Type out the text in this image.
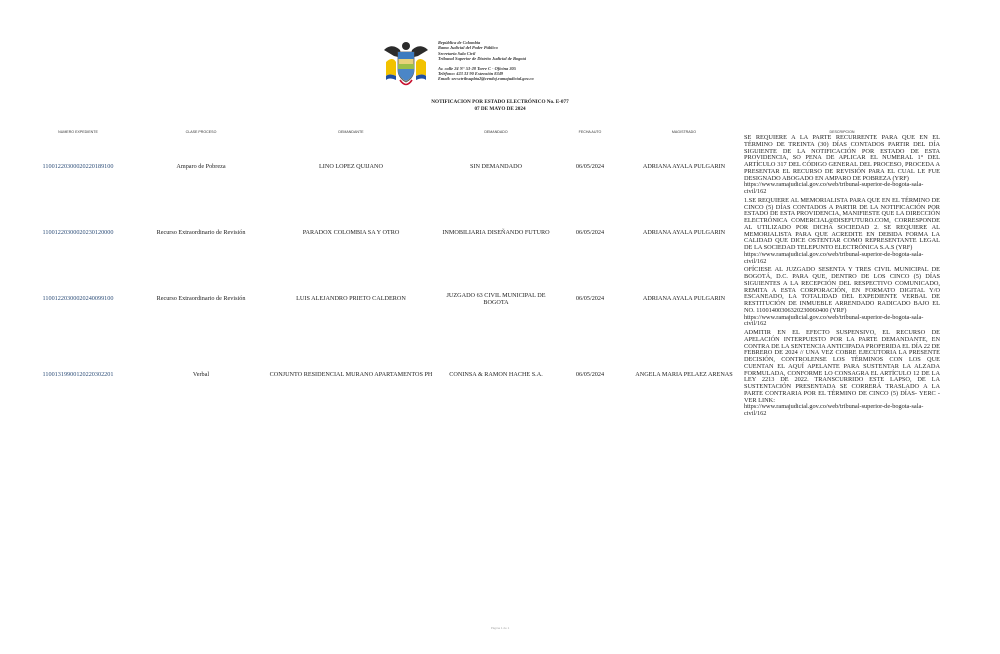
República de Colombia
Rama Judicial del Poder Público
Secretaría Sala Civil
Tribunal Superior de Distrito Judicial de Bogotá
Av. calle 24 N° 53-28 Torre C - Oficina 305
Teléfono: 423 33 90 Extensión 8349
Email: secsctribsupbta2@cendoj.ramajudicial.gov.co
NOTIFICACION POR ESTADO ELECTRÓNICO No. E-077
07 DE MAYO DE 2024
NUMERO EXPEDIENTE	CLASE PROCESO	DEMANDANTE	DEMANDADO	FECHA AUTO	MAGISTRADO	DESCRIPCION
11001220300020220189100	Amparo de Pobreza	LINO LOPEZ QUIJANO	SIN DEMANDADO	06/05/2024	ADRIANA AYALA PULGARIN	SE REQUIERE A LA PARTE RECURRENTE PARA QUE EN EL TÉRMINO DE TREINTA (30) DÍAS CONTADOS PARTIR DEL DÍA SIGUIENTE DE LA NOTIFICACIÓN POR ESTADO DE ESTA PROVIDENCIA, SO PENA DE APLICAR EL NUMERAL 1° DEL ARTÍCULO 317 DEL CÓDIGO GENERAL DEL PROCESO, PROCEDA A PRESENTAR EL RECURSO DE REVISIÓN PARA EL CUAL LE FUE DESIGNADO ABOGADO EN AMPARO DE POBREZA (YRF)
https://www.ramajudicial.gov.co/web/tribunal-superior-de-bogota-sala-civil/162

11001220300020230120000	Recurso Extraordinario de Revisión	PARADOX COLOMBIA SA Y OTRO	INMOBILIARIA DISEÑANDO FUTURO	06/05/2024	ADRIANA AYALA PULGARIN	1.SE REQUIERE AL MEMORIALISTA PARA QUE EN EL TÉRMINO DE CINCO (5) DÍAS CONTADOS A PARTIR DE LA NOTIFICACIÓN POR ESTADO DE ESTA PROVIDENCIA, MANIFIESTE QUE LA DIRECCIÓN ELECTRÓNICA COMERCIAL@DISEFUTURO.COM, CORRESPONDE AL UTILIZADO POR DICHA SOCIEDAD 2. SE REQUIERE AL MEMORIALISTA PARA QUE ACREDITE EN DEBIDA FORMA LA CALIDAD QUE DICE OSTENTAR COMO REPRESENTANTE LEGAL DE LA SOCIEDAD TELEPUNTO ELECTRÓNICA S.A.S (YRF)
https://www.ramajudicial.gov.co/web/tribunal-superior-de-bogota-sala-civil/162

11001220300020240099100	Recurso Extraordinario de Revisión	LUIS ALEJANDRO PRIETO CALDERON	JUZGADO 63 CIVIL MUNICIPAL DE BOGOTA	06/05/2024	ADRIANA AYALA PULGARIN	OFÍCIESE AL JUZGADO SESENTA Y TRES CIVIL MUNICIPAL DE BOGOTÁ, D.C. PARA QUE, DENTRO DE LOS CINCO (5) DÍAS SIGUIENTES A LA RECEPCIÓN DEL RESPECTIVO COMUNICADO, REMITA A ESTA CORPORACIÓN, EN FORMATO DIGITAL Y/O ESCANEADO, LA TOTALIDAD DEL EXPEDIENTE VERBAL DE RESTITUCIÓN DE INMUEBLE ARRENDADO RADICADO BAJO EL NO. 11001400306320230060400 (YRF)
https://www.ramajudicial.gov.co/web/tribunal-superior-de-bogota-sala-civil/162

11001319900120220302201	Verbal	CONJUNTO RESIDENCIAL MURANO APARTAMENTOS PH	CONINSA & RAMON HACHE S.A.	06/05/2024	ANGELA MARIA PELAEZ ARENAS	ADMITIR EN EL EFECTO SUSPENSIVO, EL RECURSO DE APELACIÓN INTERPUESTO POR LA PARTE DEMANDANTE, EN CONTRA DE LA SENTENCIA ANTICIPADA PROFERIDA EL DÍA 22 DE FEBRERO DE 2024 // UNA VEZ COBRE EJECUTORIA LA PRESENTE DECISIÓN, CONTROLENSE LOS TÉRMINOS CON LOS QUE CUENTAN EL AQUÍ APELANTE PARA SUSTENTAR LA ALZADA FORMULADA, CONFORME LO CONSAGRA EL ARTÍCULO 12 DE LA LEY 2213 DE 2022. TRANSCURRIDO ESTE LAPSO, DE LA SUSTENTACIÓN PRESENTADA SE CORRERÁ TRASLADO A LA PARTE CONTRARIA POR EL TÉRMINO DE CINCO (5) DÍAS- YERC - VER LINK:
https://www.ramajudicial.gov.co/web/tribunal-superior-de-bogota-sala-civil/162
Página 1 de 1
